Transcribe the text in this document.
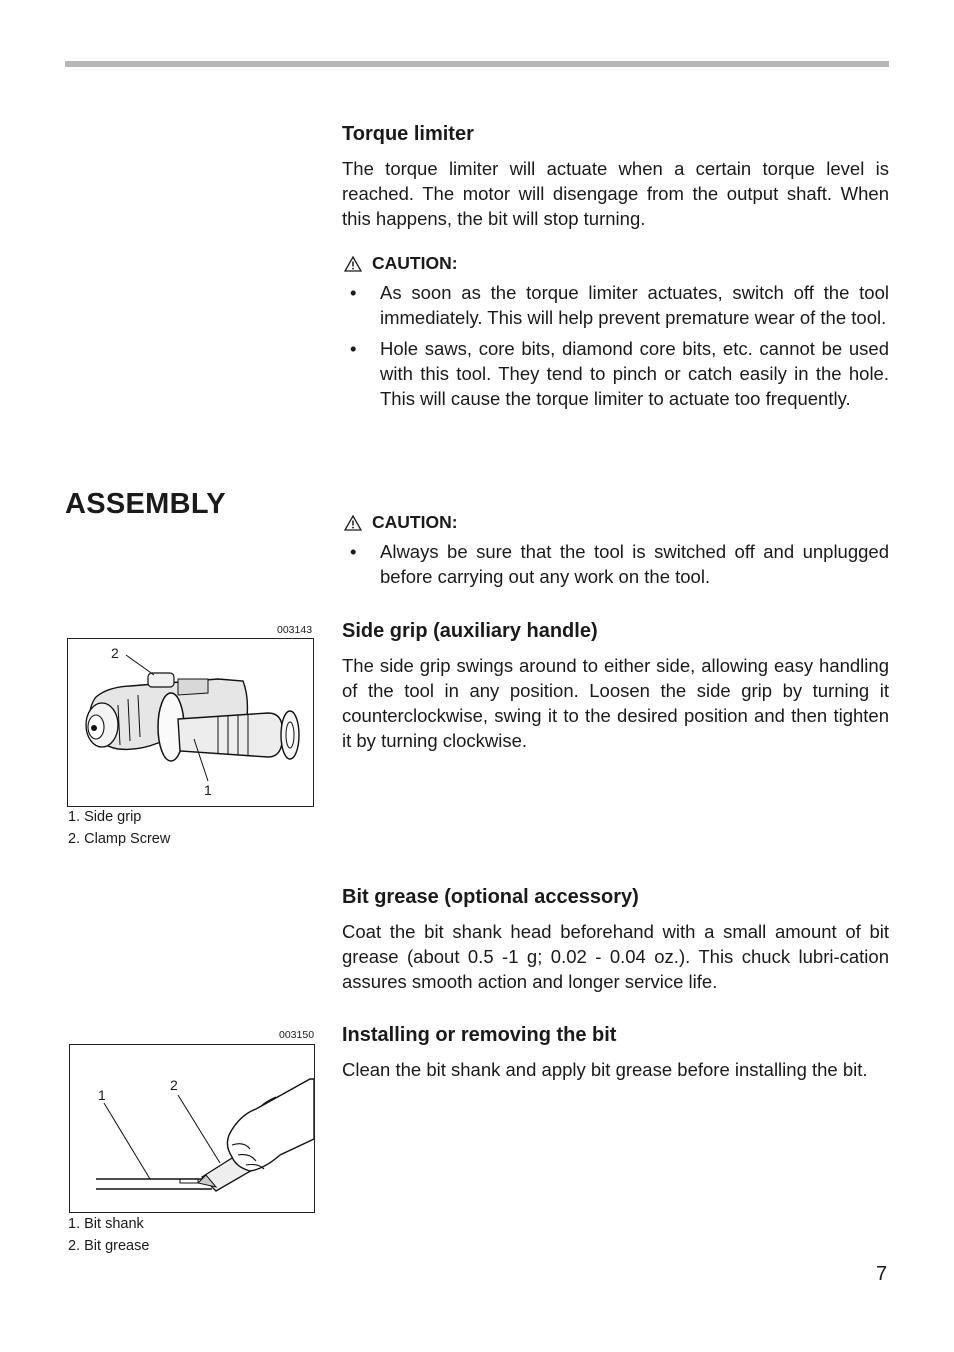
Torque limiter

The torque limiter will actuate when a certain torque level is reached. The motor will disengage from the output shaft. When this happens, the bit will stop turning.

CAUTION:
• As soon as the torque limiter actuates, switch off the tool immediately. This will help prevent premature wear of the tool.
• Hole saws, core bits, diamond core bits, etc. cannot be used with this tool. They tend to pinch or catch easily in the hole. This will cause the torque limiter to actuate too frequently.
ASSEMBLY
CAUTION:
• Always be sure that the tool is switched off and unplugged before carrying out any work on the tool.
Side grip (auxiliary handle)

The side grip swings around to either side, allowing easy handling of the tool in any position. Loosen the side grip by turning it counterclockwise, swing it to the desired position and then tighten it by turning clockwise.

003143
2
1
1. Side grip
2. Clamp Screw
Bit grease (optional accessory)

Coat the bit shank head beforehand with a small amount of bit grease (about 0.5 -1 g; 0.02 - 0.04 oz.). This chuck lubri-cation assures smooth action and longer service life.

Installing or removing the bit

Clean the bit shank and apply bit grease before installing the bit.

003150
1
2
1. Bit shank
2. Bit grease
7
